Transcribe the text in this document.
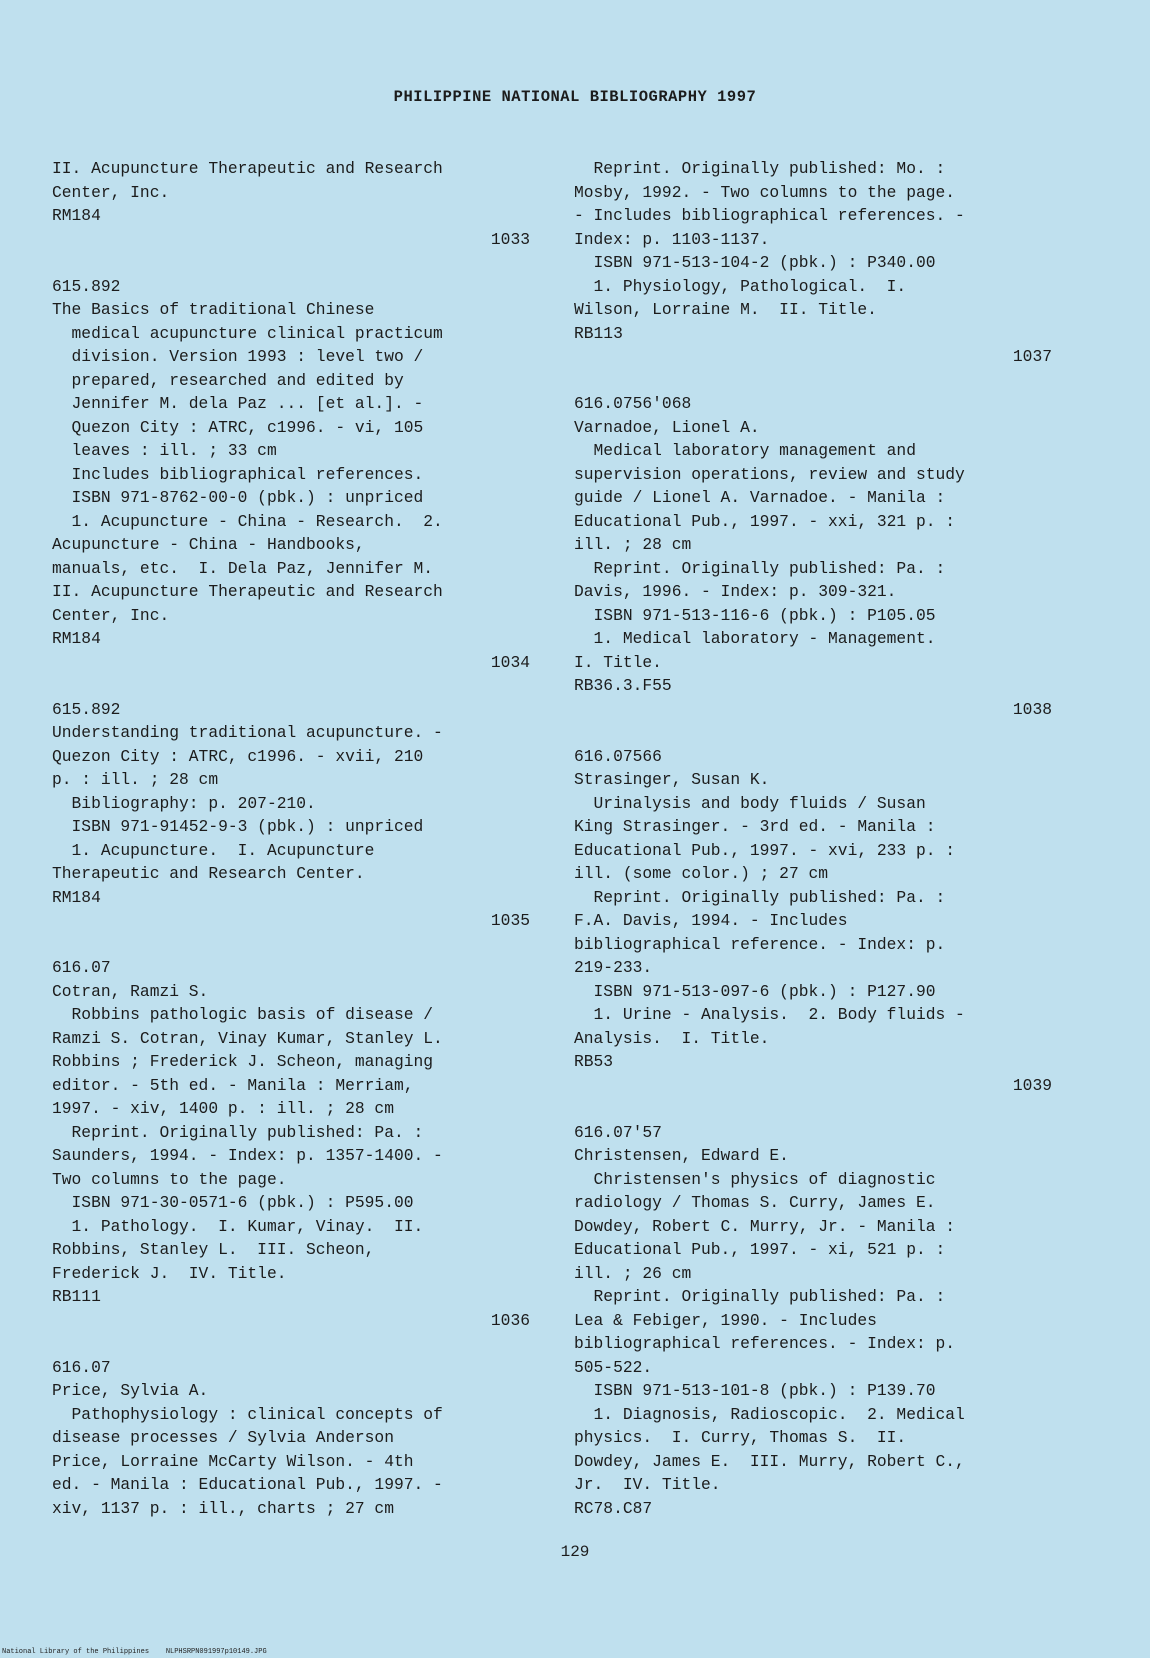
PHILIPPINE NATIONAL BIBLIOGRAPHY 1997
II. Acupuncture Therapeutic and Research
Center, Inc.
RM184
1033
615.892
The Basics of traditional Chinese
medical acupuncture clinical practicum
division. Version 1993 : level two /
prepared, researched and edited by
Jennifer M. dela Paz ... [et al.]. -
Quezon City : ATRC, c1996. - vi, 105
leaves : ill. ; 33 cm
Includes bibliographical references.
ISBN 971-8762-00-0 (pbk.) : unpriced
1. Acupuncture - China - Research.  2.
Acupuncture - China - Handbooks,
manuals, etc.  I. Dela Paz, Jennifer M.
II. Acupuncture Therapeutic and Research
Center, Inc.
RM184
1034
615.892
Understanding traditional acupuncture. -
Quezon City : ATRC, c1996. - xvii, 210
p. : ill. ; 28 cm
Bibliography: p. 207-210.
ISBN 971-91452-9-3 (pbk.) : unpriced
1. Acupuncture.  I. Acupuncture
Therapeutic and Research Center.
RM184
1035
616.07
Cotran, Ramzi S.
Robbins pathologic basis of disease /
Ramzi S. Cotran, Vinay Kumar, Stanley L.
Robbins ; Frederick J. Scheon, managing
editor. - 5th ed. - Manila : Merriam,
1997. - xiv, 1400 p. : ill. ; 28 cm
Reprint. Originally published: Pa. :
Saunders, 1994. - Index: p. 1357-1400. -
Two columns to the page.
ISBN 971-30-0571-6 (pbk.) : P595.00
1. Pathology.  I. Kumar, Vinay.  II.
Robbins, Stanley L.  III. Scheon,
Frederick J.  IV. Title.
RB111
1036
616.07
Price, Sylvia A.
Pathophysiology : clinical concepts of
disease processes / Sylvia Anderson
Price, Lorraine McCarty Wilson. - 4th
ed. - Manila : Educational Pub., 1997. -
xiv, 1137 p. : ill., charts ; 27 cm
Reprint. Originally published: Mo. :
Mosby, 1992. - Two columns to the page.
- Includes bibliographical references. -
Index: p. 1103-1137.
ISBN 971-513-104-2 (pbk.) : P340.00
1. Physiology, Pathological.  I.
Wilson, Lorraine M.  II. Title.
RB113
1037
616.0756'068
Varnadoe, Lionel A.
Medical laboratory management and
supervision operations, review and study
guide / Lionel A. Varnadoe. - Manila :
Educational Pub., 1997. - xxi, 321 p. :
ill. ; 28 cm
Reprint. Originally published: Pa. :
Davis, 1996. - Index: p. 309-321.
ISBN 971-513-116-6 (pbk.) : P105.05
1. Medical laboratory - Management.
I. Title.
RB36.3.F55
1038
616.07566
Strasinger, Susan K.
Urinalysis and body fluids / Susan
King Strasinger. - 3rd ed. - Manila :
Educational Pub., 1997. - xvi, 233 p. :
ill. (some color.) ; 27 cm
Reprint. Originally published: Pa. :
F.A. Davis, 1994. - Includes
bibliographical reference. - Index: p.
219-233.
ISBN 971-513-097-6 (pbk.) : P127.90
1. Urine - Analysis.  2. Body fluids -
Analysis.  I. Title.
RB53
1039
616.07'57
Christensen, Edward E.
Christensen's physics of diagnostic
radiology / Thomas S. Curry, James E.
Dowdey, Robert C. Murry, Jr. - Manila :
Educational Pub., 1997. - xi, 521 p. :
ill. ; 26 cm
Reprint. Originally published: Pa. :
Lea & Febiger, 1990. - Includes
bibliographical references. - Index: p.
505-522.
ISBN 971-513-101-8 (pbk.) : P139.70
1. Diagnosis, Radioscopic.  2. Medical
physics.  I. Curry, Thomas S.  II.
Dowdey, James E.  III. Murry, Robert C.,
Jr.  IV. Title.
RC78.C87
129
National Library of the Philippines    NLPHSRPN091997p10149.JPG
